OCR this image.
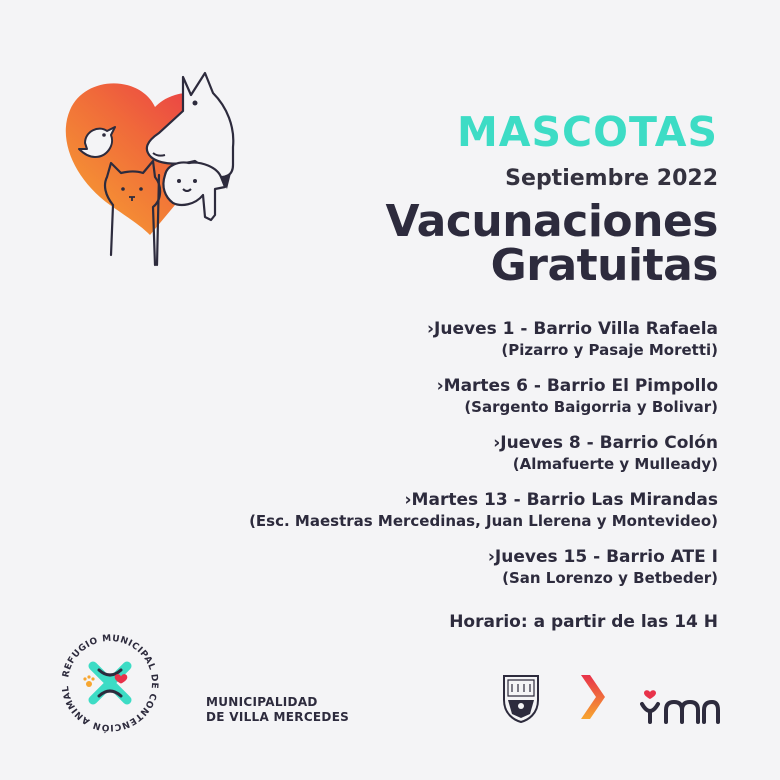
MASCOTAS
Septiembre 2022
Vacunaciones
Gratuitas
›Jueves 1 - Barrio Villa Rafaela
(Pizarro y Pasaje Moretti)
›Martes 6 - Barrio El Pimpollo
(Sargento Baigorria y Bolivar)
›Jueves 8 - Barrio Colón
(Almafuerte y Mulleady)
›Martes 13 - Barrio Las Mirandas
(Esc. Maestras Mercedinas, Juan Llerena y Montevideo)
›Jueves 15 - Barrio ATE I
(San Lorenzo y Betbeder)
Horario: a partir de las 14 H
REFUGIO MUNICIPAL DE CONTENCIÓN ANIMAL
MUNICIPALIDAD
DE VILLA MERCEDES
